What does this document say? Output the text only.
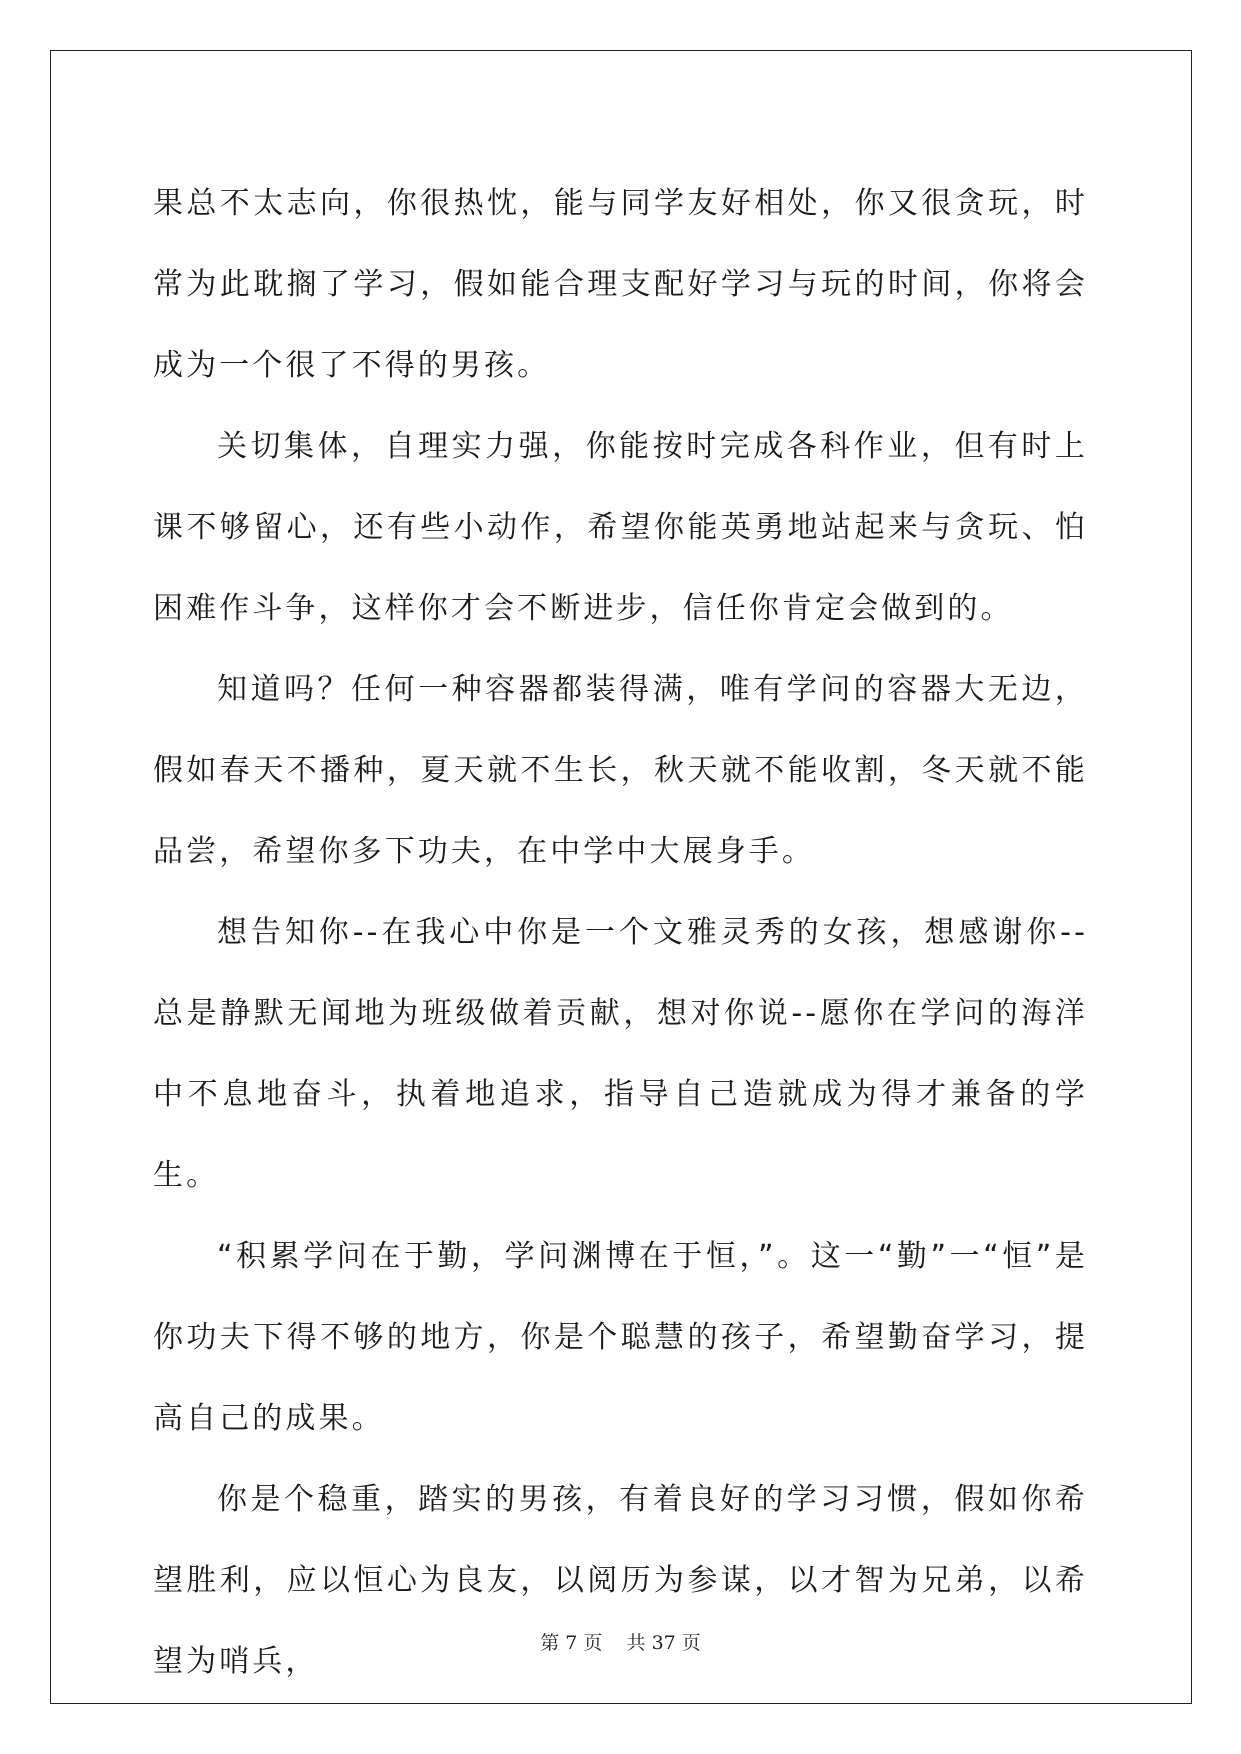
果总不太志向，你很热忱，能与同学友好相处，你又很贪玩，时常为此耽搁了学习，假如能合理支配好学习与玩的时间，你将会成为一个很了不得的男孩。

关切集体，自理实力强，你能按时完成各科作业，但有时上课不够留心，还有些小动作，希望你能英勇地站起来与贪玩、怕困难作斗争，这样你才会不断进步，信任你肯定会做到的。

知道吗？任何一种容器都装得满，唯有学问的容器大无边，假如春天不播种，夏天就不生长，秋天就不能收割，冬天就不能品尝，希望你多下功夫，在中学中大展身手。

想告知你--在我心中你是一个文雅灵秀的女孩，想感谢你--总是静默无闻地为班级做着贡献，想对你说--愿你在学问的海洋中不息地奋斗，执着地追求，指导自己造就成为得才兼备的学生。

“积累学问在于勤，学问渊博在于恒，”。这一“勤”一“恒”是你功夫下得不够的地方，你是个聪慧的孩子，希望勤奋学习，提高自己的成果。

你是个稳重，踏实的男孩，有着良好的学习习惯，假如你希望胜利，应以恒心为良友，以阅历为参谋，以才智为兄弟，以希望为哨兵，

第 7 页 共 37 页
